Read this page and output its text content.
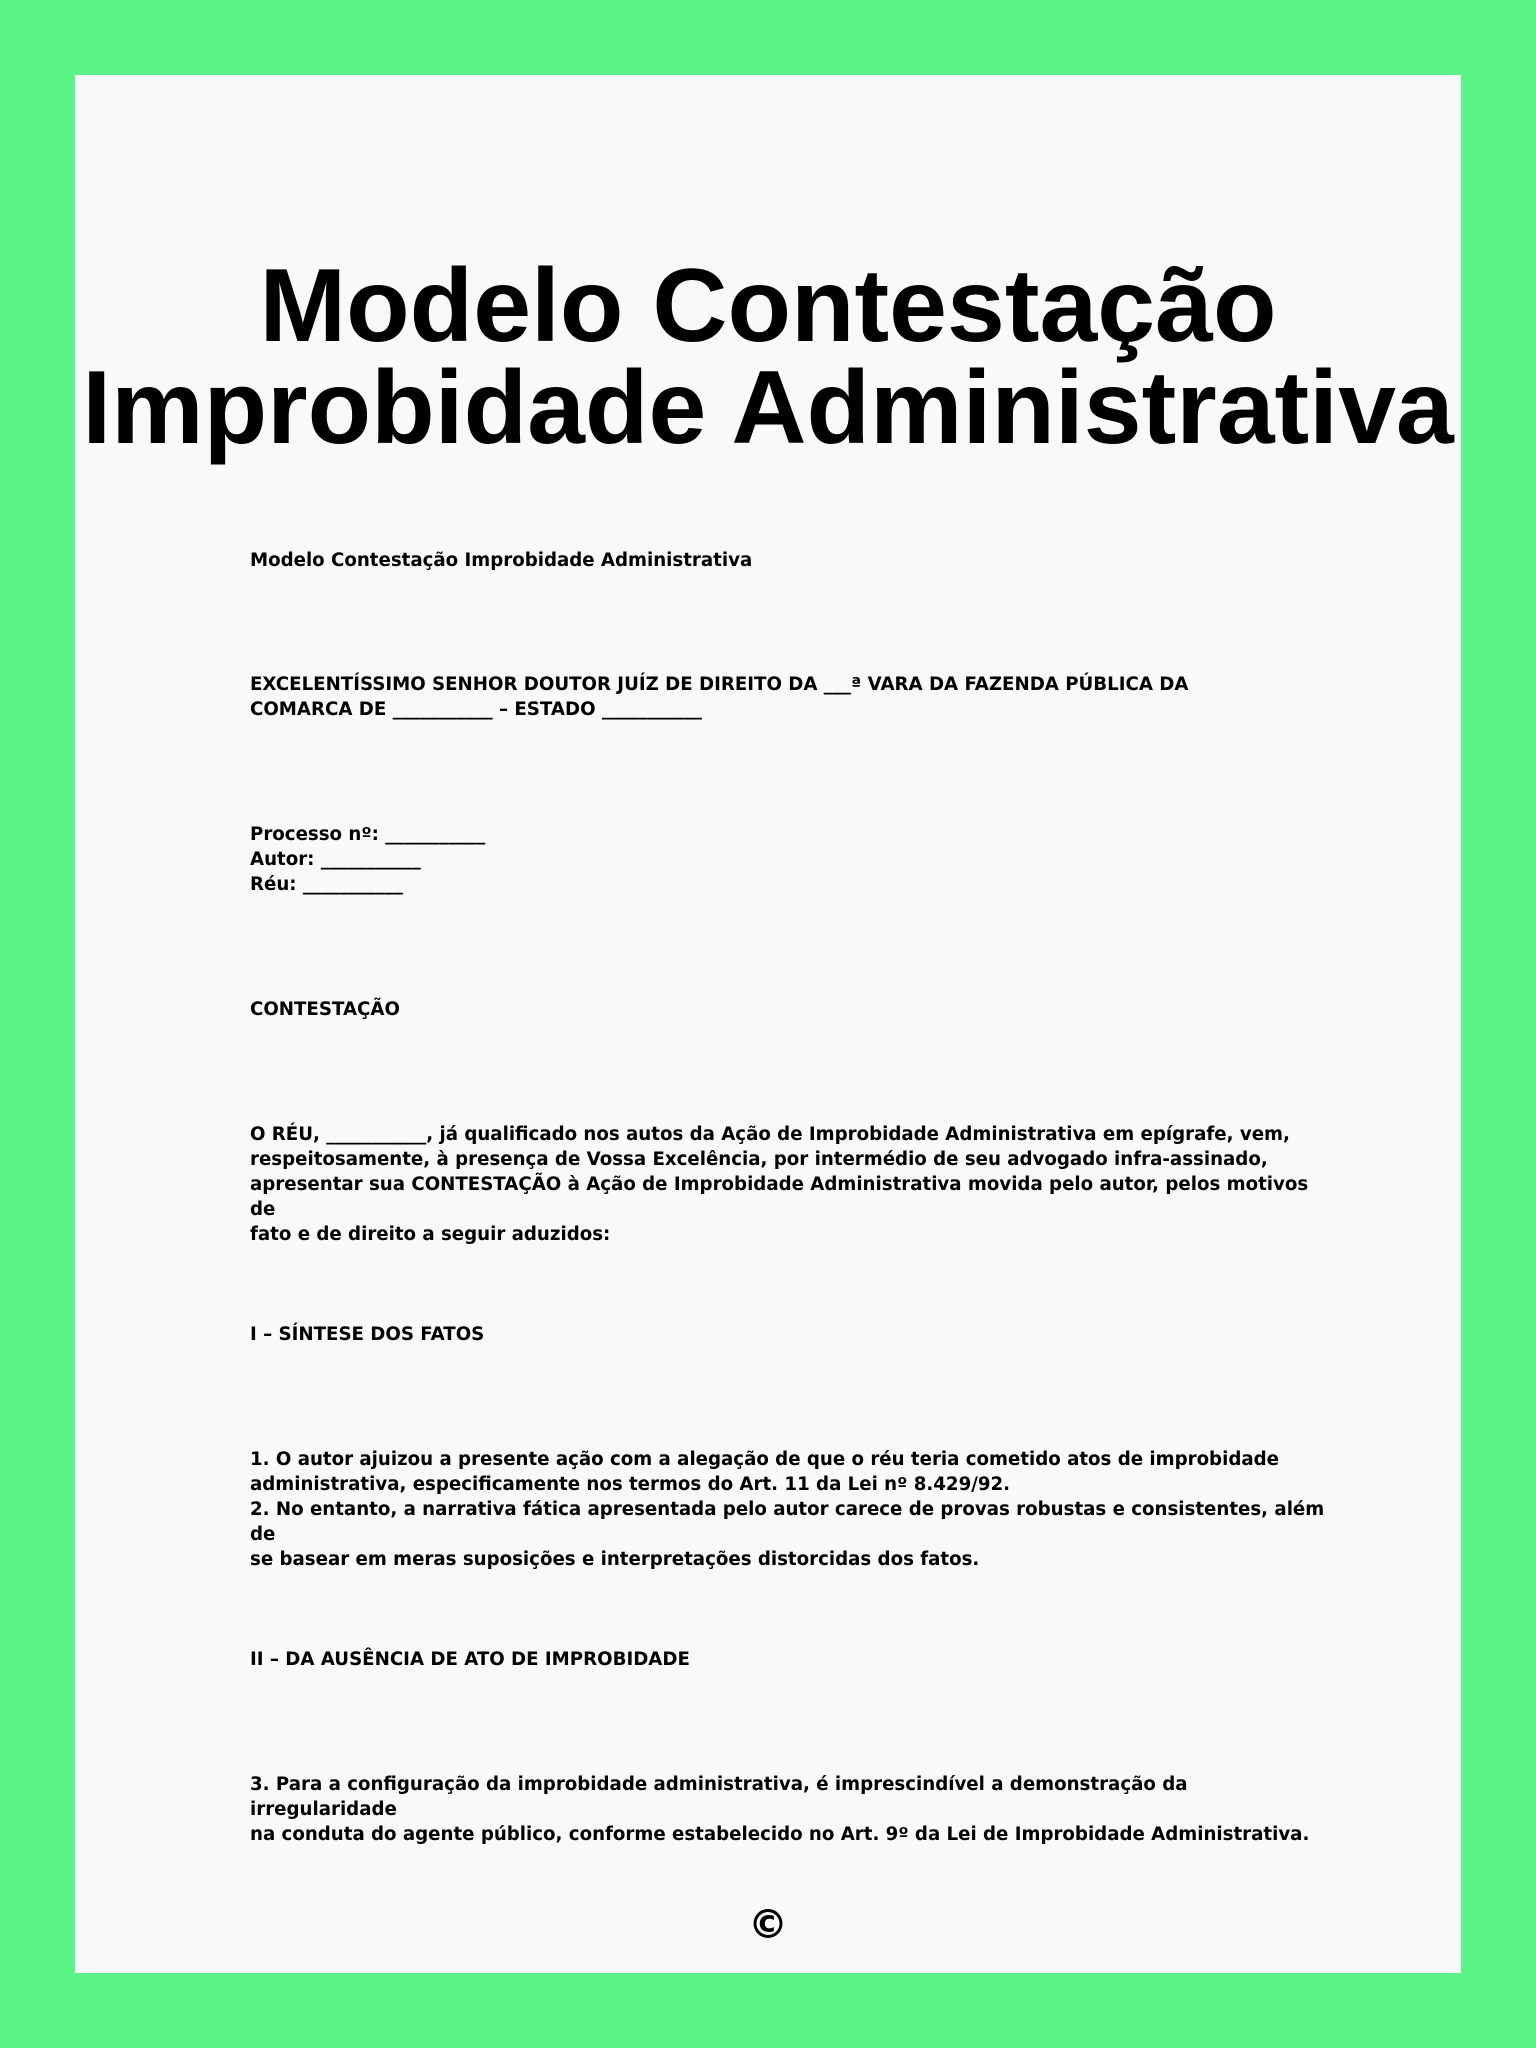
Modelo Contestação
Improbidade Administrativa

Modelo Contestação Improbidade Administrativa

EXCELENTÍSSIMO SENHOR DOUTOR JUÍZ DE DIREITO DA ___ª VARA DA FAZENDA PÚBLICA DA
COMARCA DE ___________ – ESTADO ___________
Processo nº: ___________
Autor: ___________
Réu: ___________

CONTESTAÇÃO

O RÉU, ___________, já qualificado nos autos da Ação de Improbidade Administrativa em epígrafe, vem,
respeitosamente, à presença de Vossa Excelência, por intermédio de seu advogado infra-assinado,
apresentar sua CONTESTAÇÃO à Ação de Improbidade Administrativa movida pelo autor, pelos motivos de
fato e de direito a seguir aduzidos:

I – SÍNTESE DOS FATOS

1. O autor ajuizou a presente ação com a alegação de que o réu teria cometido atos de improbidade
administrativa, especificamente nos termos do Art. 11 da Lei nº 8.429/92.
2. No entanto, a narrativa fática apresentada pelo autor carece de provas robustas e consistentes, além de
se basear em meras suposições e interpretações distorcidas dos fatos.

II – DA AUSÊNCIA DE ATO DE IMPROBIDADE

3. Para a configuração da improbidade administrativa, é imprescindível a demonstração da irregularidade
na conduta do agente público, conforme estabelecido no Art. 9º da Lei de Improbidade Administrativa.
©
